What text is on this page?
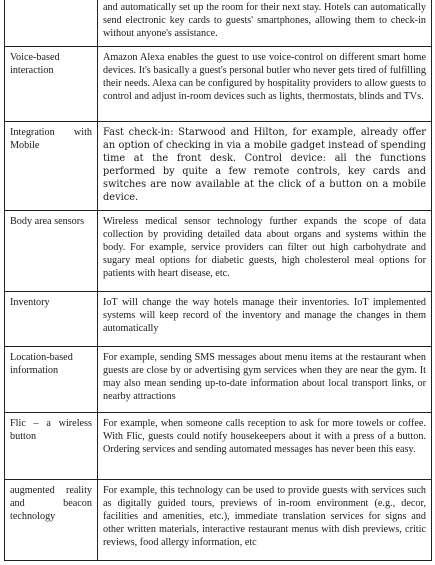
	and automatically set up the room for their next stay. Hotels can automatically send electronic key cards to guests' smartphones, allowing them to check-in without anyone's assistance.
Voice-based interaction	Amazon Alexa enables the guest to use voice-control on different smart home devices. It's basically a guest's personal butler who never gets tired of fulfilling their needs. Alexa can be configured by hospitality providers to allow guests to control and adjust in-room devices such as lights, thermostats, blinds and TVs.
Integration with Mobile	Fast check-in: Starwood and Hilton, for example, already offer an option of checking in via a mobile gadget instead of spending time at the front desk. Control device: all the functions performed by quite a few remote controls, key cards and switches are now available at the click of a button on a mobile device.
Body area sensors	Wireless medical sensor technology further expands the scope of data collection by providing detailed data about organs and systems within the body. For example, service providers can filter out high carbohydrate and sugary meal options for diabetic guests, high cholesterol meal options for patients with heart disease, etc.
Inventory	IoT will change the way hotels manage their inventories. IoT implemented systems will keep record of the inventory and manage the changes in them automatically
Location-based information	For example, sending SMS messages about menu items at the restaurant when guests are close by or advertising gym services when they are near the gym. It may also mean sending up-to-date information about local transport links, or nearby attractions
Flic – a wireless button	For example, when someone calls reception to ask for more towels or coffee. With Flic, guests could notify housekeepers about it with a press of a button. Ordering services and sending automated messages has never been this easy.
augmented reality and beacon technology	For example, this technology can be used to provide guests with services such as digitally guided tours, previews of in-room environment (e.g., decor, facilities and amenities, etc.), immediate translation services for signs and other written materials, interactive restaurant menus with dish previews, critic reviews, food allergy information, etc
